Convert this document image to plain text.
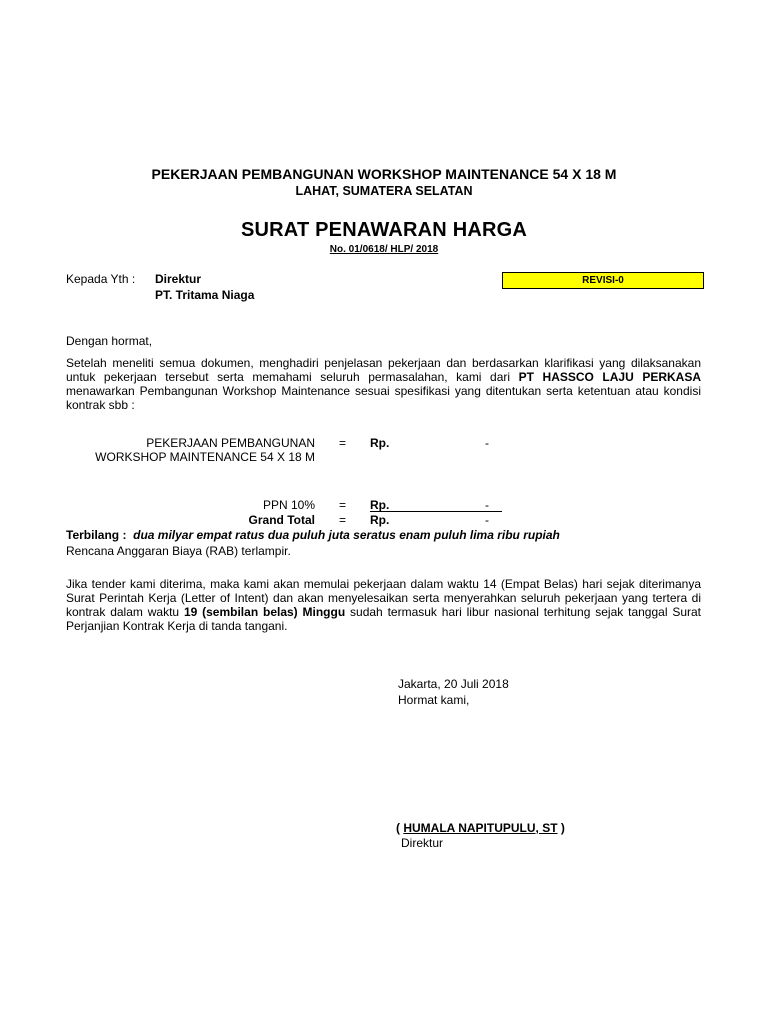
PEKERJAAN PEMBANGUNAN WORKSHOP MAINTENANCE 54 X 18 M
LAHAT, SUMATERA SELATAN
SURAT PENAWARAN HARGA
No. 01/0618/ HLP/ 2018
Kepada Yth : Direktur
PT. Tritama Niaga
REVISI-0
Dengan hormat,
Setelah meneliti semua dokumen, menghadiri penjelasan pekerjaan dan berdasarkan klarifikasi yang dilaksanakan untuk pekerjaan tersebut serta memahami seluruh permasalahan, kami dari PT HASSCO LAJU PERKASA menawarkan Pembangunan Workshop Maintenance sesuai spesifikasi yang ditentukan serta ketentuan atau kondisi kontrak sbb :
PEKERJAAN PEMBANGUNAN
WORKSHOP MAINTENANCE 54 X 18 M
= Rp.	-
PPN 10% = Rp.	-
Grand Total = Rp.	-
Terbilang : dua milyar empat ratus dua puluh juta seratus enam puluh lima ribu rupiah
Rencana Anggaran Biaya (RAB) terlampir.
Jika tender kami diterima, maka kami akan memulai pekerjaan dalam waktu 14 (Empat Belas) hari sejak diterimanya Surat Perintah Kerja (Letter of Intent) dan akan menyelesaikan serta menyerahkan seluruh pekerjaan yang tertera di kontrak dalam waktu 19 (sembilan belas) Minggu sudah termasuk hari libur nasional terhitung sejak tanggal Surat Perjanjian Kontrak Kerja di tanda tangani.
Jakarta, 20 Juli 2018
Hormat kami,
( HUMALA NAPITUPULU, ST )
Direktur
